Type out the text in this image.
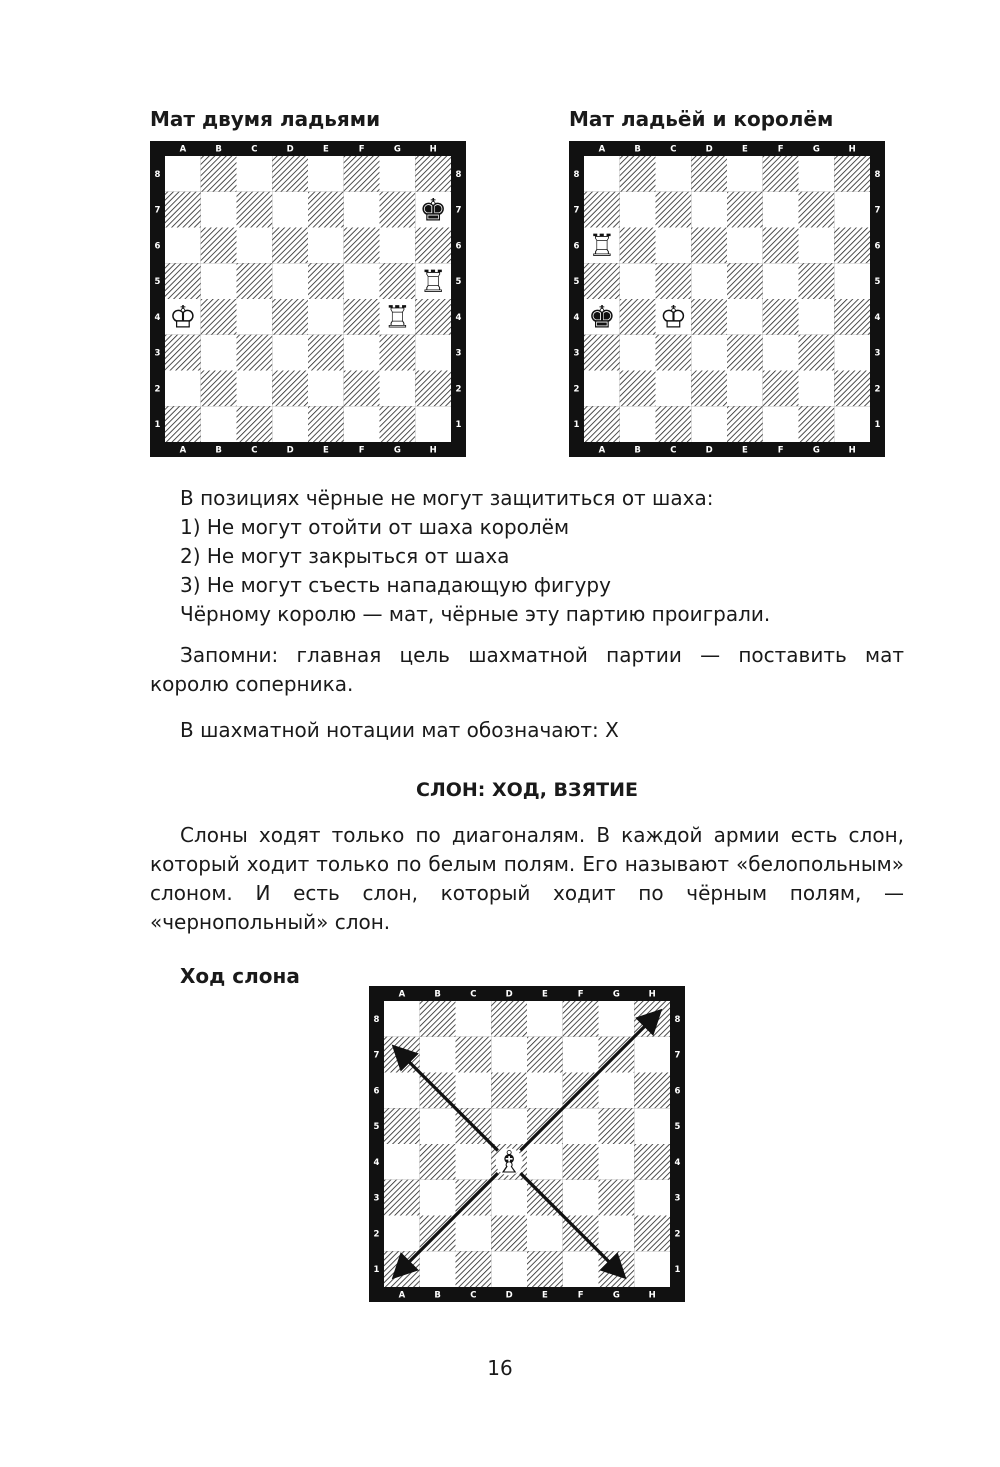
Мат двумя ладьями
A
A
B
B
C
C
D
D
E
E
F
F
G
G
H
H
8	8
7	7
6	6
5	5
4	4
3	3
2	2
1	1
♚
♖
♖
♔
Мат ладьёй и королём
A
A
B
B
C
C
D
D
E
E
F
F
G
G
H
H
8	8
7	7
6	6
5	5
4	4
3	3
2	2
1	1
♖
♚ ♔

В позициях чёрные не могут защититься от шаха:

1) Не могут отойти от шаха королём

2) Не могут закрыться от шаха

3) Не могут съесть нападающую фигуру

Чёрному королю — мат, чёрные эту партию проиграли.

Запомни: главная цель шахматной партии — поставить мат королю соперника.

В шахматной нотации мат обозначают: X

СЛОН: ХОД, ВЗЯТИЕ

Слоны ходят только по диагоналям. В каждой армии есть слон, который ходит только по белым полям. Его называют «белопольным» слоном. И есть слон, который ходит по чёрным полям, — «чернопольный» слон.

Ход слона
A
A
B
B
C
C
D
D
E
E
F
F
G
G
H
H
8	8
7	7
6	6
5	5
4	4
3	3
2	2
1	1
♗
16
